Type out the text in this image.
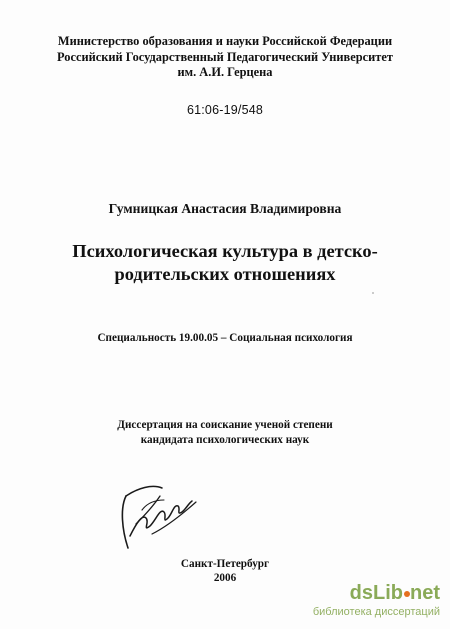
Министерство образования и науки Российской Федерации
Российский Государственный Педагогический Университет
им. А.И. Герцена
61:06-19/548
Гумницкая Анастасия Владимировна
Психологическая культура в детско-
родительских отношениях
Специальность 19.00.05 – Социальная психология
Диссертация на соискание ученой степени
кандидата психологических наук
Санкт-Петербург
2006
dsLib net
библиотека диссертаций
